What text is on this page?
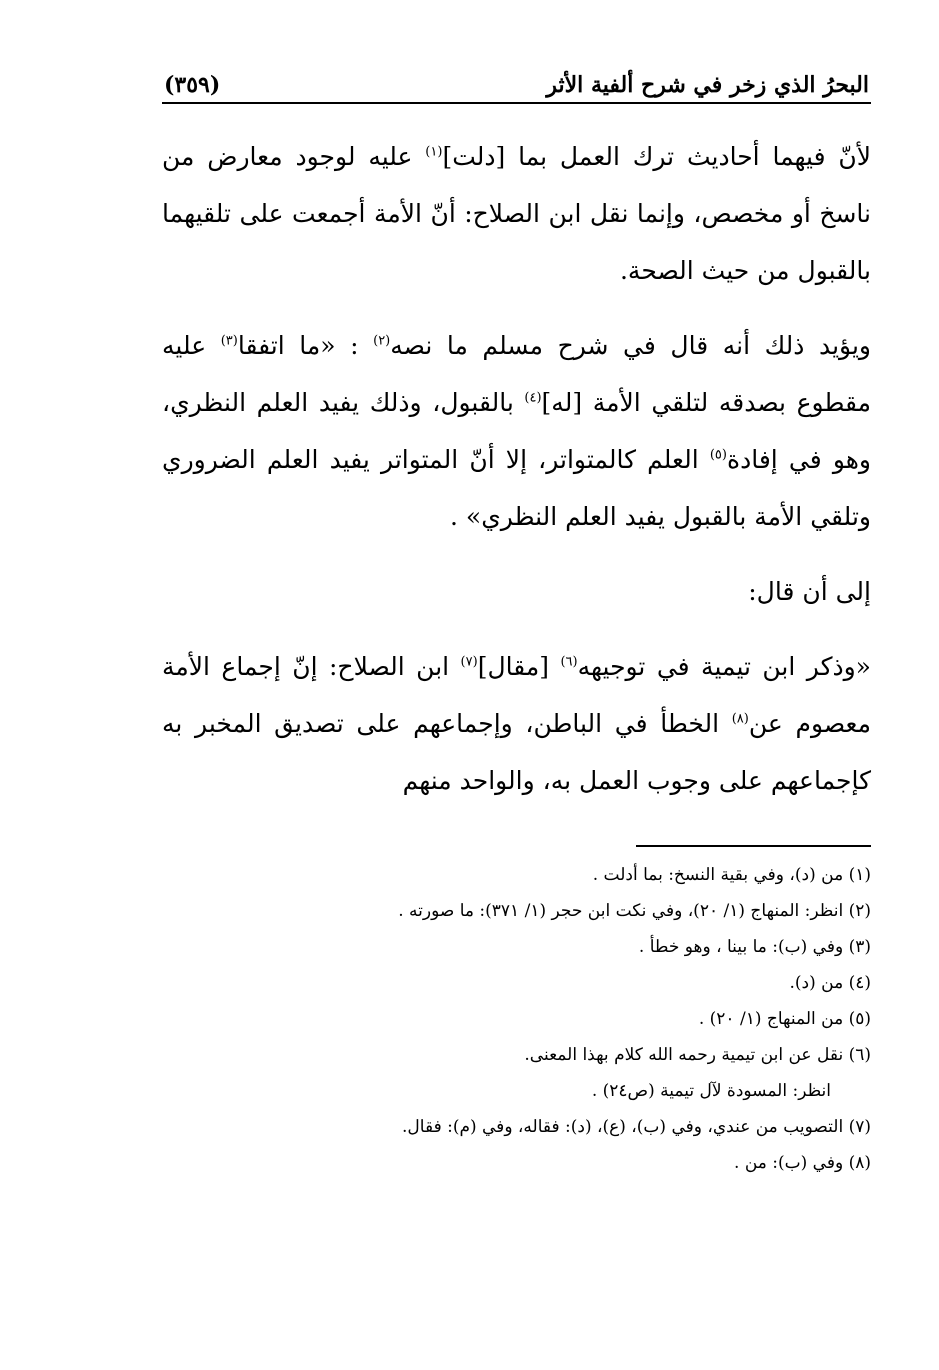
البحرُ الذي زخر في شرح ألفية الأثر
(٣٥٩)

لأنّ فيهما أحاديث ترك العمل بما [دلت]$^{(١)}$ عليه لوجود معارض من ناسخ أو مخصص، وإنما نقل ابن الصلاح: أنّ الأمة أجمعت على تلقيهما بالقبول من حيث الصحة.

ويؤيد ذلك أنه قال في شرح مسلم ما نصه$^{(٢)}$ : «ما اتفقا$^{(٣)}$ عليه مقطوع بصدقه لتلقي الأمة [له]$^{(٤)}$ بالقبول، وذلك يفيد العلم النظري، وهو في إفادة$^{(٥)}$ العلم كالمتواتر، إلا أنّ المتواتر يفيد العلم الضروري وتلقي الأمة بالقبول يفيد العلم النظري» .

إلى أن قال:

«وذكر ابن تيمية في توجيهه$^{(٦)}$ [مقال]$^{(٧)}$ ابن الصلاح: إنّ إجماع الأمة معصوم عن$^{(٨)}$ الخطأ في الباطن، وإجماعهم على تصديق المخبر به كإجماعهم على وجوب العمل به، والواحد منهم

(١) من (د)، وفي بقية النسخ: بما أدلت .

(٢) انظر: المنهاج (١/ ٢٠)، وفي نكت ابن حجر (١/ ٣٧١): ما صورته .

(٣) وفي (ب): ما بينا ، وهو خطأ .

(٤) من (د).

(٥) من المنهاج (١/ ٢٠) .

(٦) نقل عن ابن تيمية رحمه الله كلام بهذا المعنى.

انظر: المسودة لآل تيمية (ص٢٤) .

(٧) التصويب من عندي، وفي (ب)، (ع)، (د): فقاله، وفي (م): فقال.

(٨) وفي (ب): من .
